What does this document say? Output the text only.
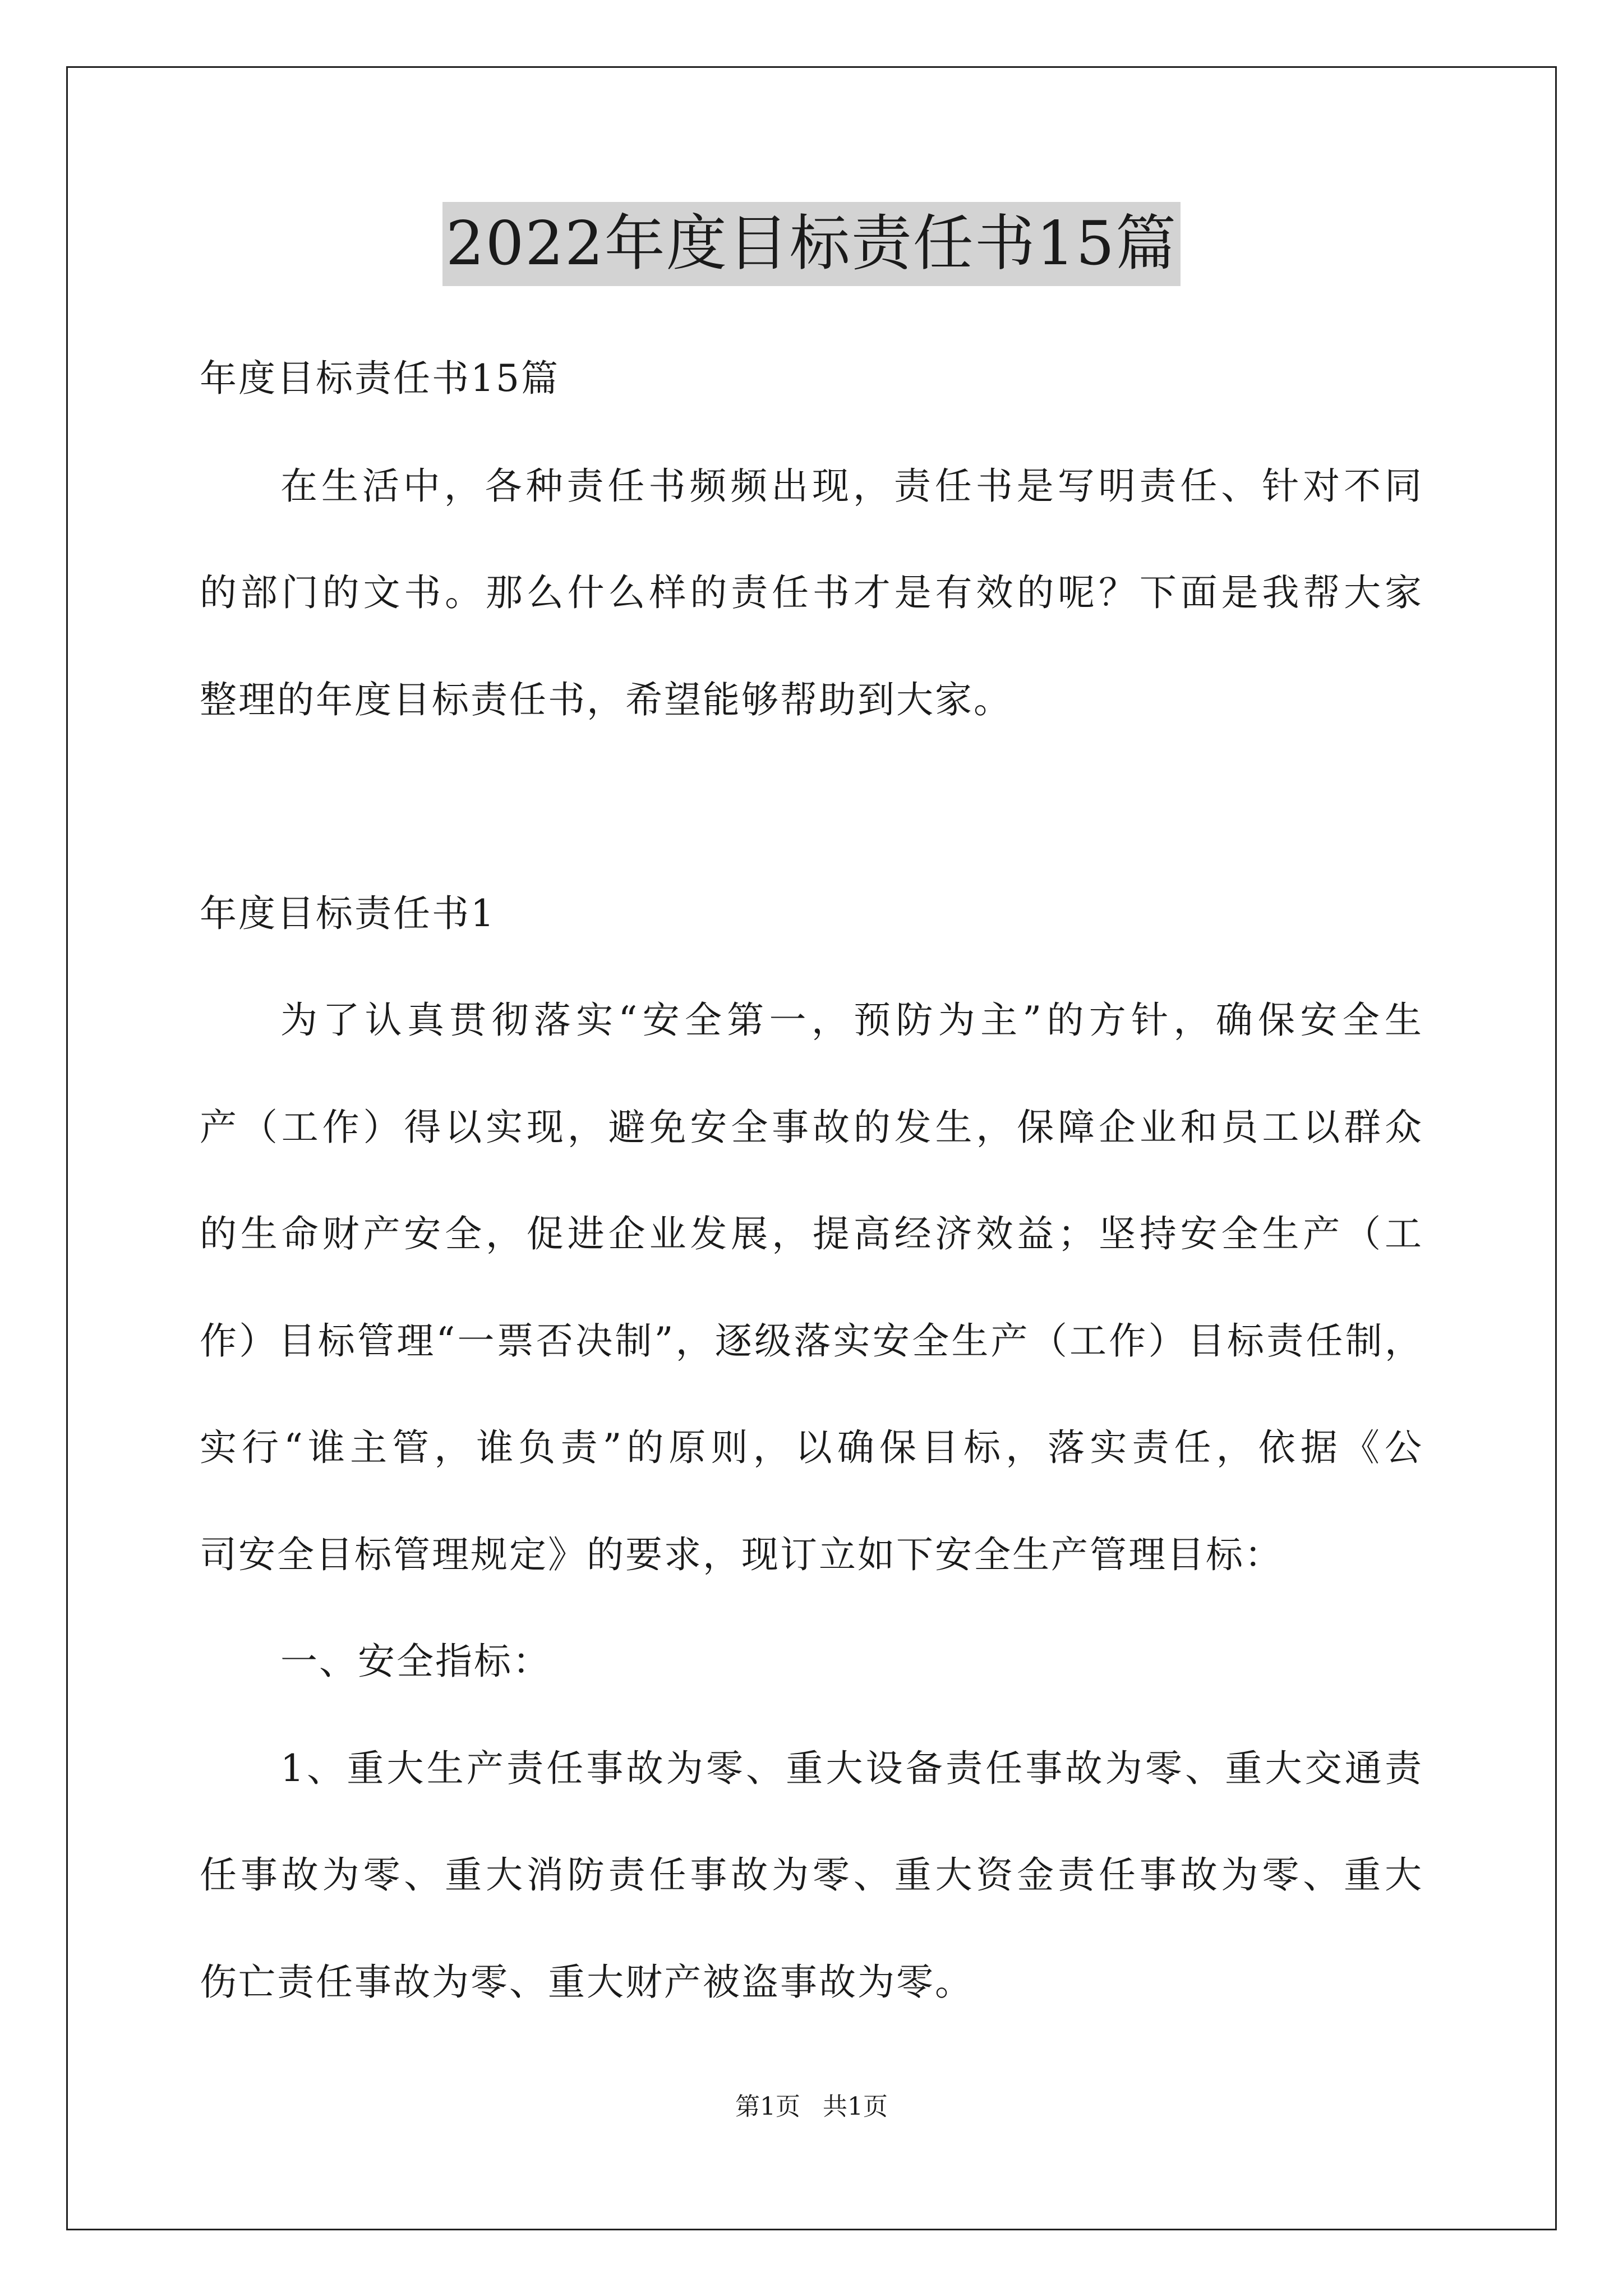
2022年度目标责任书15篇
年度目标责任书15篇
在生活中，各种责任书频频出现，责任书是写明责任、针对不同
的部门的文书。那么什么样的责任书才是有效的呢？下面是我帮大家
整理的年度目标责任书，希望能够帮助到大家。
年度目标责任书1
为了认真贯彻落实“安全第一，预防为主”的方针，确保安全生
产（工作）得以实现，避免安全事故的发生，保障企业和员工以群众
的生命财产安全，促进企业发展，提高经济效益；坚持安全生产（工
作）目标管理“一票否决制”，逐级落实安全生产（工作）目标责任制，
实行“谁主管，谁负责”的原则，以确保目标，落实责任，依据《公
司安全目标管理规定》的要求，现订立如下安全生产管理目标：
一、安全指标：
1、重大生产责任事故为零、重大设备责任事故为零、重大交通责
任事故为零、重大消防责任事故为零、重大资金责任事故为零、重大
伤亡责任事故为零、重大财产被盗事故为零。
第1页 共1页
